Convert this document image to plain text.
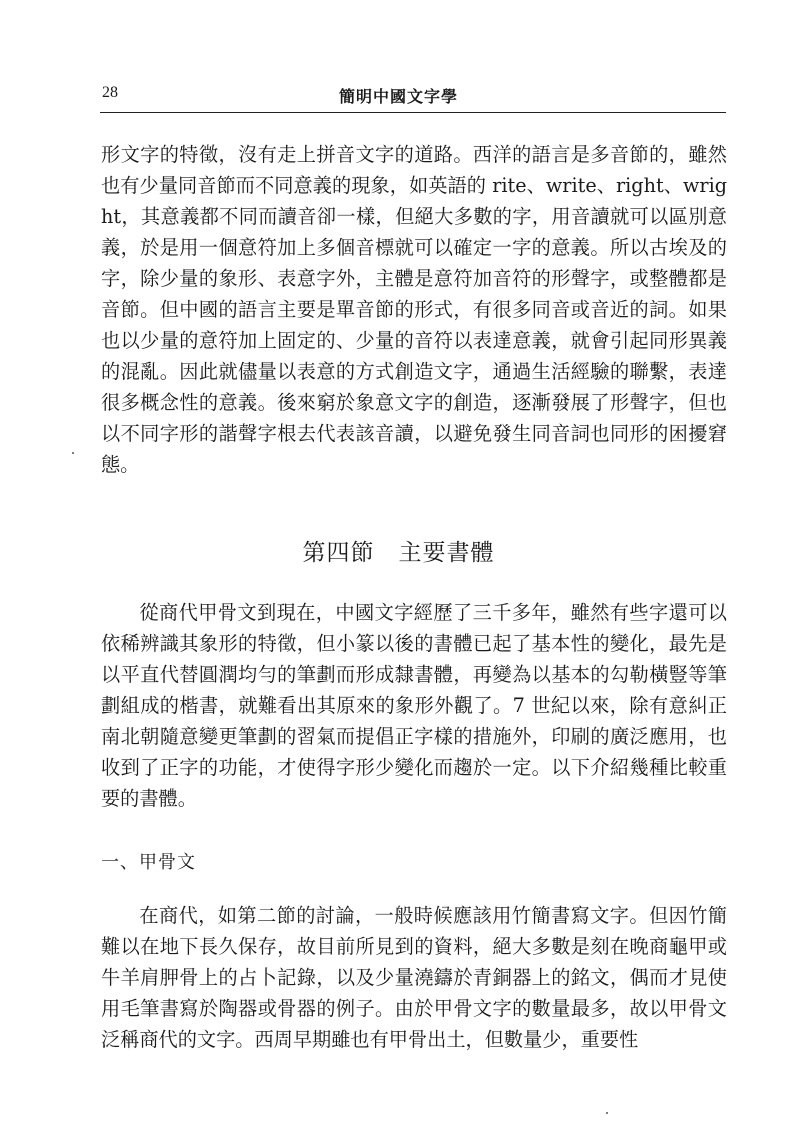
28	簡明中國文字學

形文字的特徵，沒有走上拼音文字的道路。西洋的語言是多音節的，雖然也有少量同音節而不同意義的現象，如英語的 rite、write、right、wright，其意義都不同而讀音卻一樣，但絕大多數的字，用音讀就可以區別意義，於是用一個意符加上多個音標就可以確定一字的意義。所以古埃及的字，除少量的象形、表意字外，主體是意符加音符的形聲字，或整體都是音節。但中國的語言主要是單音節的形式，有很多同音或音近的詞。如果也以少量的意符加上固定的、少量的音符以表達意義，就會引起同形異義的混亂。因此就儘量以表意的方式創造文字，通過生活經驗的聯繫，表達很多概念性的意義。後來窮於象意文字的創造，逐漸發展了形聲字，但也以不同字形的諧聲字根去代表該音讀，以避免發生同音詞也同形的困擾窘態。

第四節　主要書體

從商代甲骨文到現在，中國文字經歷了三千多年，雖然有些字還可以依稀辨識其象形的特徵，但小篆以後的書體已起了基本性的變化，最先是以平直代替圓潤均勻的筆劃而形成隸書體，再變為以基本的勾勒橫豎等筆劃組成的楷書，就難看出其原來的象形外觀了。7 世紀以來，除有意糾正南北朝隨意變更筆劃的習氣而提倡正字樣的措施外，印刷的廣泛應用，也收到了正字的功能，才使得字形少變化而趨於一定。以下介紹幾種比較重要的書體。

一、甲骨文

在商代，如第二節的討論，一般時候應該用竹簡書寫文字。但因竹簡難以在地下長久保存，故目前所見到的資料，絕大多數是刻在晚商龜甲或牛羊肩胛骨上的占卜記錄，以及少量澆鑄於青銅器上的銘文，偶而才見使用毛筆書寫於陶器或骨器的例子。由於甲骨文字的數量最多，故以甲骨文泛稱商代的文字。西周早期雖也有甲骨出土，但數量少，重要性
